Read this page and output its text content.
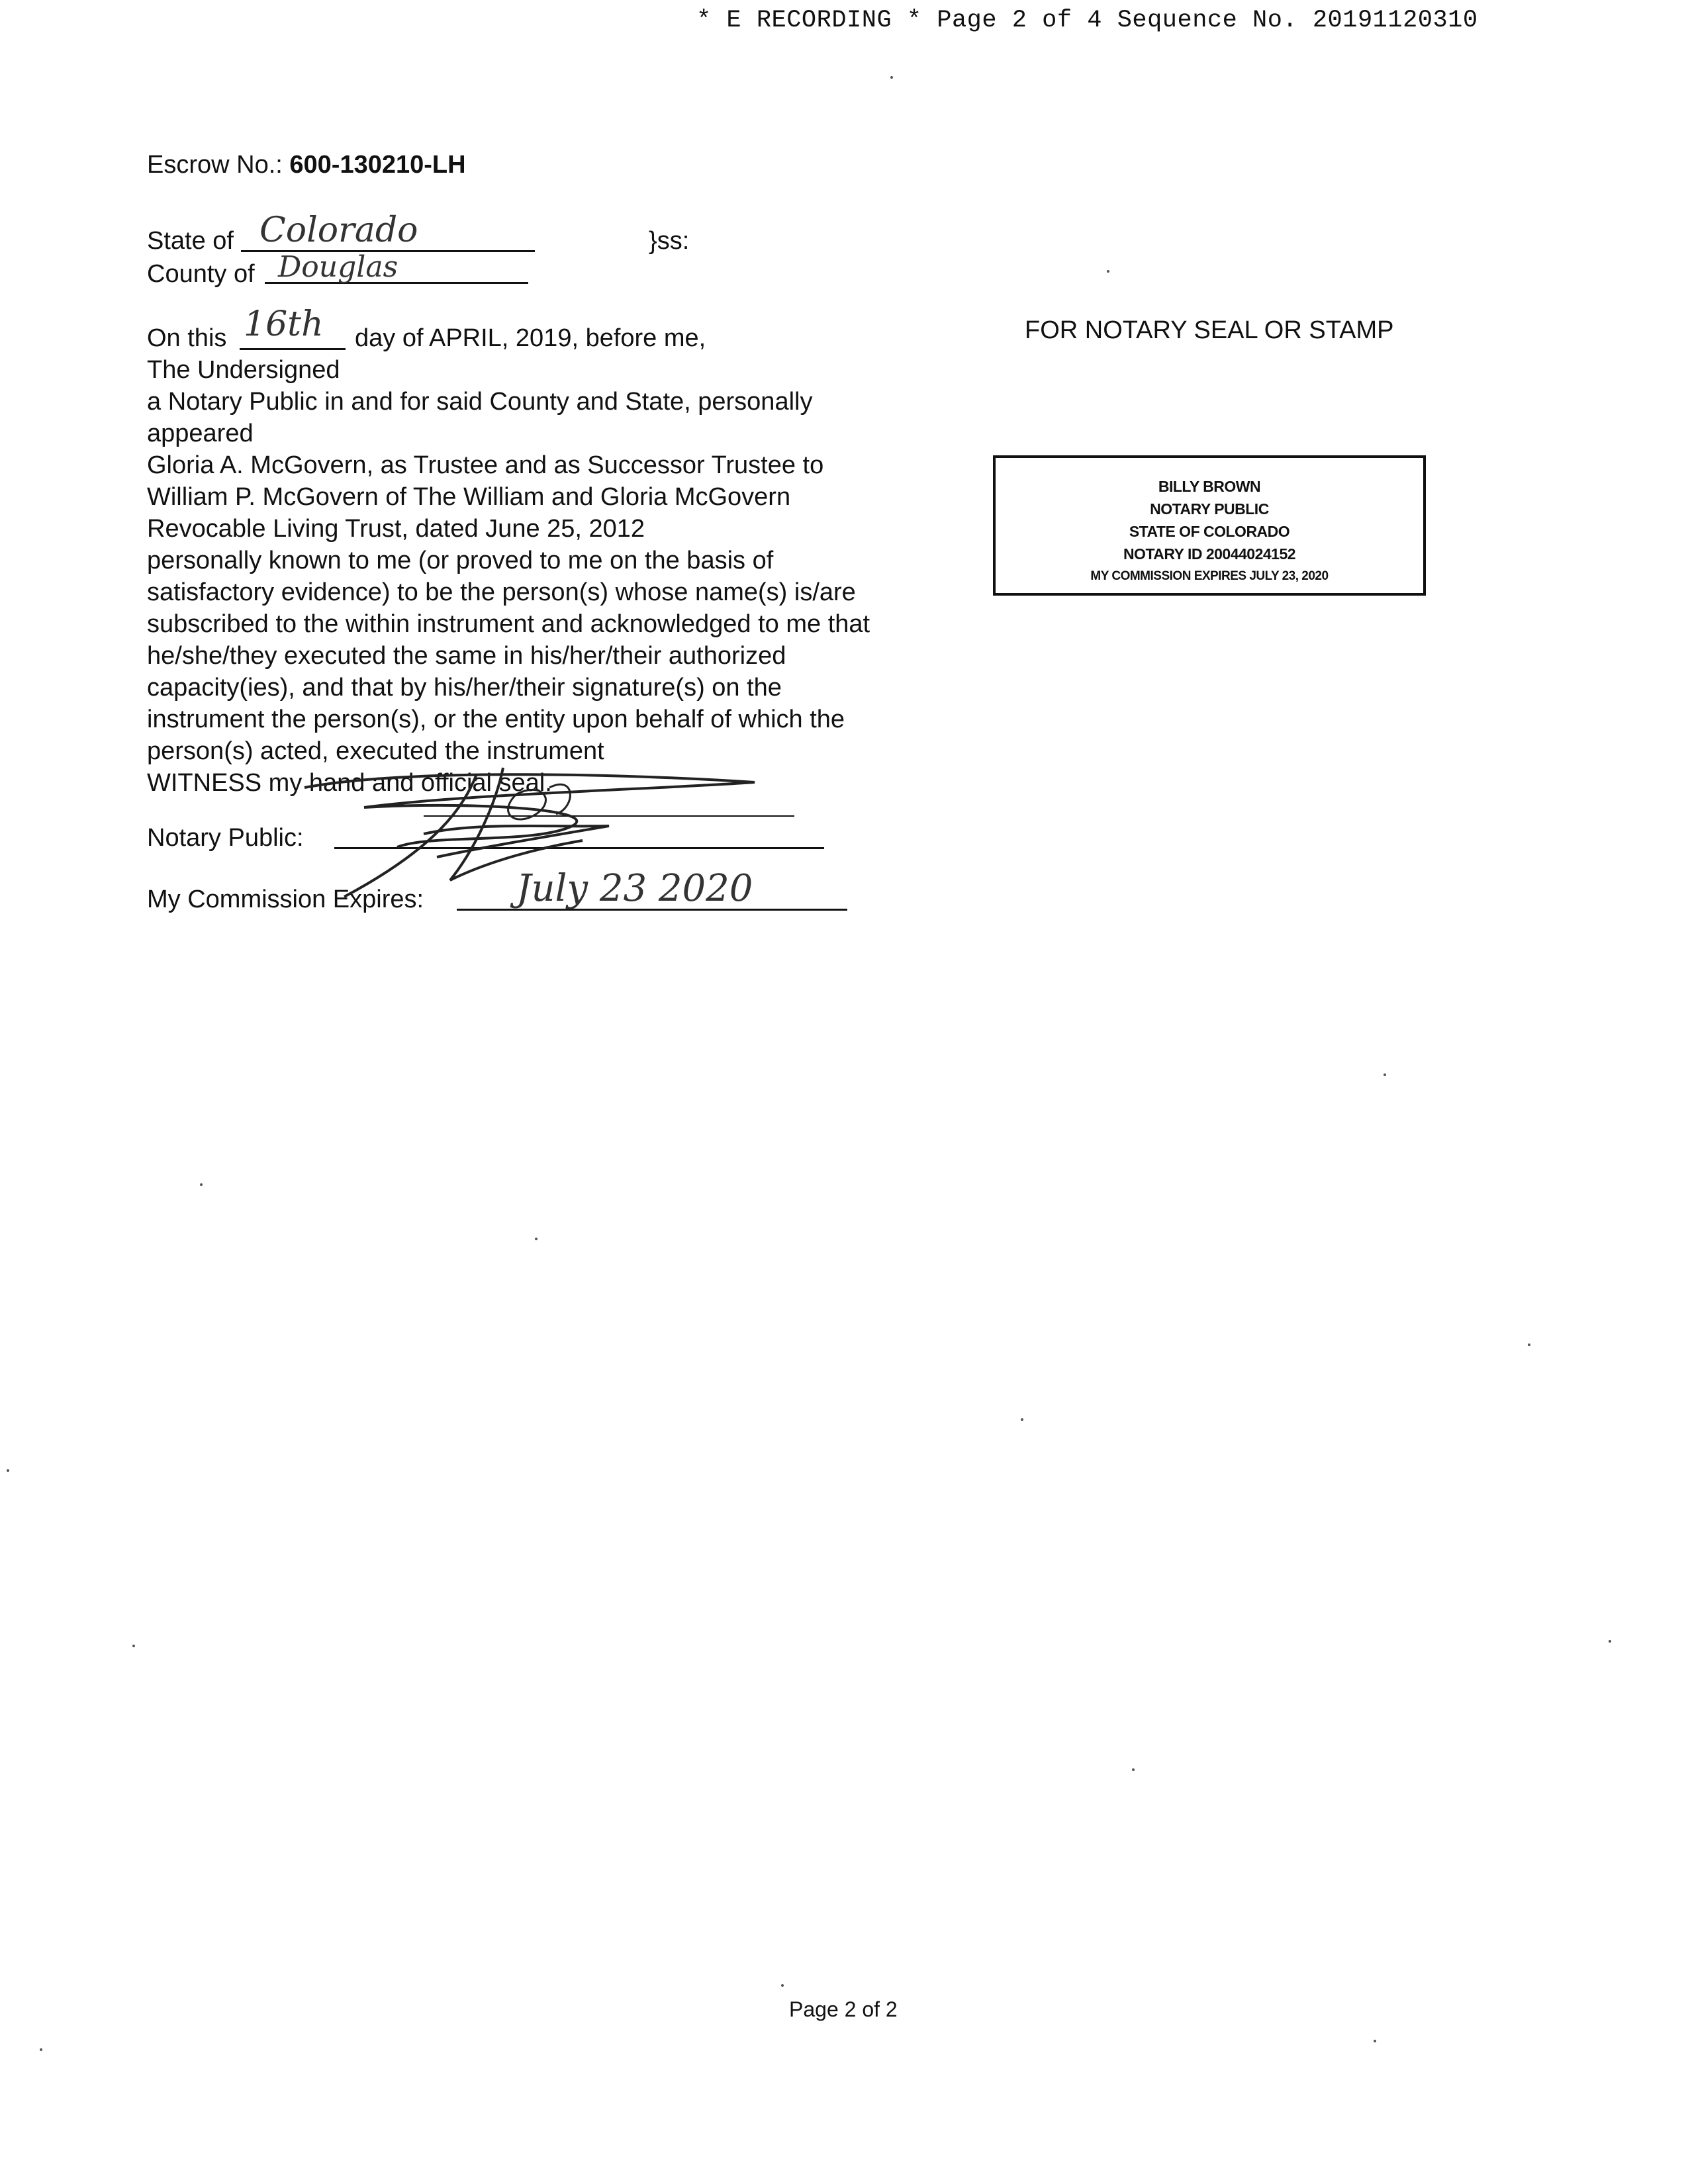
* E RECORDING * Page 2 of 4 Sequence No. 20191120310
Escrow No.: 600-130210-LH
State of Colorado	}ss:
County of Douglas
On this 16th day of APRIL, 2019, before me,
The Undersigned
a Notary Public in and for said County and State, personally
appeared
Gloria A. McGovern, as Trustee and as Successor Trustee to
William P. McGovern of The William and Gloria McGovern
Revocable Living Trust, dated June 25, 2012
personally known to me (or proved to me on the basis of
satisfactory evidence) to be the person(s) whose name(s) is/are
subscribed to the within instrument and acknowledged to me that
he/she/they executed the same in his/her/their authorized
capacity(ies), and that by his/her/their signature(s) on the
instrument the person(s), or the entity upon behalf of which the
person(s) acted, executed the instrument
WITNESS my hand and official seal.
Notary Public:
My Commission Expires: July 23 2020
FOR NOTARY SEAL OR STAMP
BILLY BROWN
NOTARY PUBLIC
STATE OF COLORADO
NOTARY ID 20044024152
MY COMMISSION EXPIRES JULY 23, 2020
Page 2 of 2
